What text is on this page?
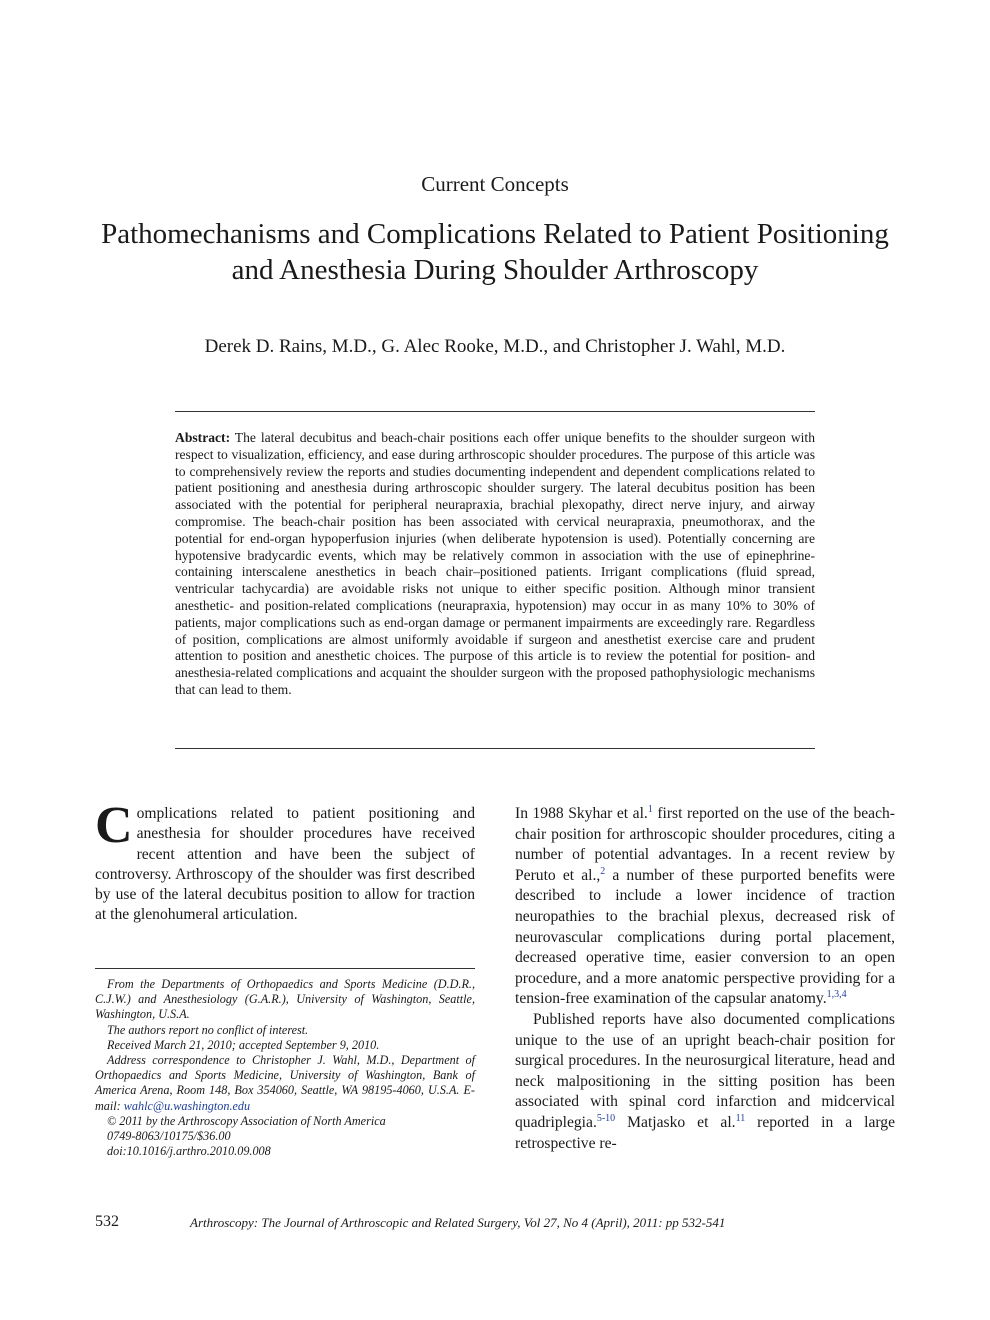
Current Concepts
Pathomechanisms and Complications Related to Patient Positioning and Anesthesia During Shoulder Arthroscopy
Derek D. Rains, M.D., G. Alec Rooke, M.D., and Christopher J. Wahl, M.D.
Abstract: The lateral decubitus and beach-chair positions each offer unique benefits to the shoulder surgeon with respect to visualization, efficiency, and ease during arthroscopic shoulder procedures. The purpose of this article was to comprehensively review the reports and studies documenting independent and dependent complications related to patient positioning and anesthesia during arthroscopic shoulder surgery. The lateral decubitus position has been associated with the potential for peripheral neurapraxia, brachial plexopathy, direct nerve injury, and airway compromise. The beach-chair position has been associated with cervical neurapraxia, pneumothorax, and the potential for end-organ hypoperfusion injuries (when deliberate hypotension is used). Potentially concerning are hypotensive bradycardic events, which may be relatively common in association with the use of epinephrine-containing interscalene anesthetics in beach chair–positioned patients. Irrigant complications (fluid spread, ventricular tachycardia) are avoidable risks not unique to either specific position. Although minor transient anesthetic- and position-related complications (neurapraxia, hypotension) may occur in as many 10% to 30% of patients, major complications such as end-organ damage or permanent impairments are exceedingly rare. Regardless of position, complications are almost uniformly avoidable if surgeon and anesthetist exercise care and prudent attention to position and anesthetic choices. The purpose of this article is to review the potential for position- and anesthesia-related complications and acquaint the shoulder surgeon with the proposed pathophysiologic mechanisms that can lead to them.

Complications related to patient positioning and anesthesia for shoulder procedures have received recent attention and have been the subject of controversy. Arthroscopy of the shoulder was first described by use of the lateral decubitus position to allow for traction at the glenohumeral articulation.

From the Departments of Orthopaedics and Sports Medicine (D.D.R., C.J.W.) and Anesthesiology (G.A.R.), University of Washington, Seattle, Washington, U.S.A.

The authors report no conflict of interest.

Received March 21, 2010; accepted September 9, 2010.

Address correspondence to Christopher J. Wahl, M.D., Department of Orthopaedics and Sports Medicine, University of Washington, Bank of America Arena, Room 148, Box 354060, Seattle, WA 98195-4060, U.S.A. E-mail: wahlc@u.washington.edu

© 2011 by the Arthroscopy Association of North America

0749-8063/10175/$36.00

doi:10.1016/j.arthro.2010.09.008

In 1988 Skyhar et al.$^1$ first reported on the use of the beach-chair position for arthroscopic shoulder procedures, citing a number of potential advantages. In a recent review by Peruto et al.,$^2$ a number of these purported benefits were described to include a lower incidence of traction neuropathies to the brachial plexus, decreased risk of neurovascular complications during portal placement, decreased operative time, easier conversion to an open procedure, and a more anatomic perspective providing for a tension-free examination of the capsular anatomy.$^{1,3,4}$

Published reports have also documented complications unique to the use of an upright beach-chair position for surgical procedures. In the neurosurgical literature, head and neck malpositioning in the sitting position has been associated with spinal cord infarction and midcervical quadriplegia.$^{5-10}$ Matjasko et al.$^{11}$ reported in a large retrospective re-

532	Arthroscopy: The Journal of Arthroscopic and Related Surgery, Vol 27, No 4 (April), 2011: pp 532-541
